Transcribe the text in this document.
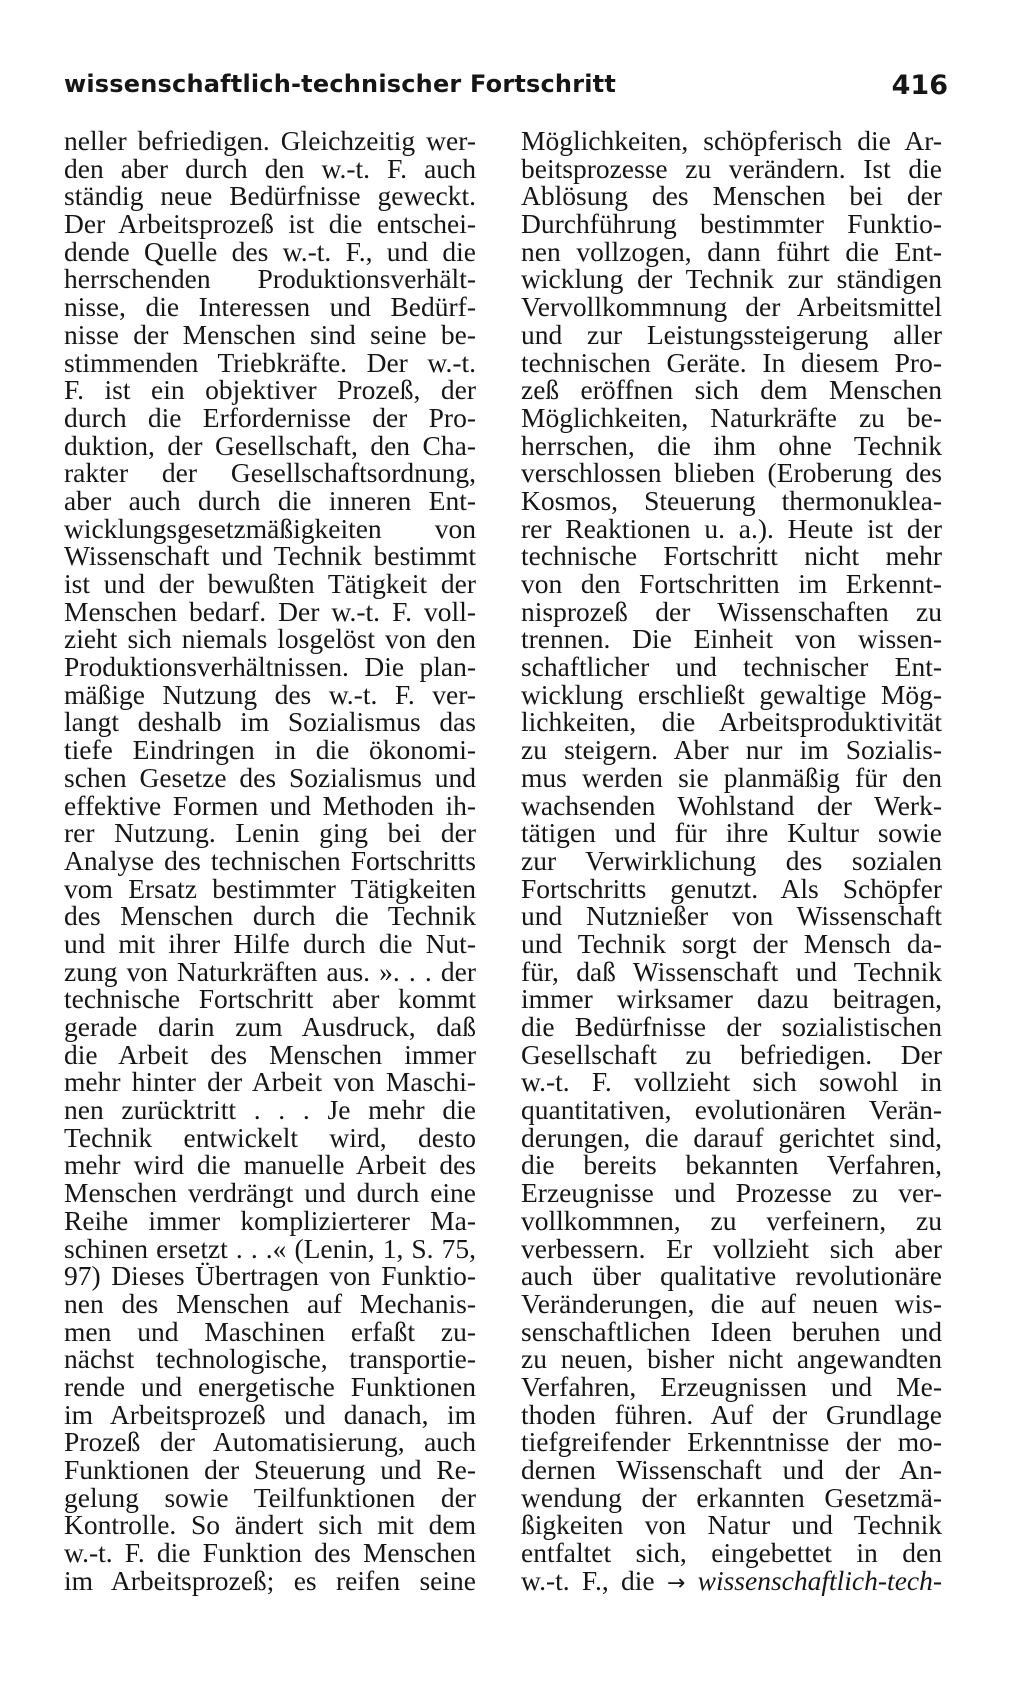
wissenschaftlich-technischer Fortschritt	416
neller befriedigen. Gleichzeitig wer-
den aber durch den w.-t. F. auch
ständig neue Bedürfnisse geweckt.
Der Arbeitsprozeß ist die entschei-
dende Quelle des w.-t. F., und die
herrschenden Produktionsverhält-
nisse, die Interessen und Bedürf-
nisse der Menschen sind seine be-
stimmenden Triebkräfte. Der w.-t.
F. ist ein objektiver Prozeß, der
durch die Erfordernisse der Pro-
duktion, der Gesellschaft, den Cha-
rakter der Gesellschaftsordnung,
aber auch durch die inneren Ent-
wicklungsgesetzmäßigkeiten von
Wissenschaft und Technik bestimmt
ist und der bewußten Tätigkeit der
Menschen bedarf. Der w.-t. F. voll-
zieht sich niemals losgelöst von den
Produktionsverhältnissen. Die plan-
mäßige Nutzung des w.-t. F. ver-
langt deshalb im Sozialismus das
tiefe Eindringen in die ökonomi-
schen Gesetze des Sozialismus und
effektive Formen und Methoden ih-
rer Nutzung. Lenin ging bei der
Analyse des technischen Fortschritts
vom Ersatz bestimmter Tätigkeiten
des Menschen durch die Technik
und mit ihrer Hilfe durch die Nut-
zung von Naturkräften aus. ». . . der
technische Fortschritt aber kommt
gerade darin zum Ausdruck, daß
die Arbeit des Menschen immer
mehr hinter der Arbeit von Maschi-
nen zurücktritt . . . Je mehr die
Technik entwickelt wird, desto
mehr wird die manuelle Arbeit des
Menschen verdrängt und durch eine
Reihe immer komplizierterer Ma-
schinen ersetzt . . .« (Lenin, 1, S. 75,
97) Dieses Übertragen von Funktio-
nen des Menschen auf Mechanis-
men und Maschinen erfaßt zu-
nächst technologische, transportie-
rende und energetische Funktionen
im Arbeitsprozeß und danach, im
Prozeß der Automatisierung, auch
Funktionen der Steuerung und Re-
gelung sowie Teilfunktionen der
Kontrolle. So ändert sich mit dem
w.-t. F. die Funktion des Menschen
im Arbeitsprozeß; es reifen seine
Möglichkeiten, schöpferisch die Ar-
beitsprozesse zu verändern. Ist die
Ablösung des Menschen bei der
Durchführung bestimmter Funktio-
nen vollzogen, dann führt die Ent-
wicklung der Technik zur ständigen
Vervollkommnung der Arbeitsmittel
und zur Leistungssteigerung aller
technischen Geräte. In diesem Pro-
zeß eröffnen sich dem Menschen
Möglichkeiten, Naturkräfte zu be-
herrschen, die ihm ohne Technik
verschlossen blieben (Eroberung des
Kosmos, Steuerung thermonuklea-
rer Reaktionen u. a.). Heute ist der
technische Fortschritt nicht mehr
von den Fortschritten im Erkennt-
nisprozeß der Wissenschaften zu
trennen. Die Einheit von wissen-
schaftlicher und technischer Ent-
wicklung erschließt gewaltige Mög-
lichkeiten, die Arbeitsproduktivität
zu steigern. Aber nur im Sozialis-
mus werden sie planmäßig für den
wachsenden Wohlstand der Werk-
tätigen und für ihre Kultur sowie
zur Verwirklichung des sozialen
Fortschritts genutzt. Als Schöpfer
und Nutznießer von Wissenschaft
und Technik sorgt der Mensch da-
für, daß Wissenschaft und Technik
immer wirksamer dazu beitragen,
die Bedürfnisse der sozialistischen
Gesellschaft zu befriedigen. Der
w.-t. F. vollzieht sich sowohl in
quantitativen, evolutionären Verän-
derungen, die darauf gerichtet sind,
die bereits bekannten Verfahren,
Erzeugnisse und Prozesse zu ver-
vollkommnen, zu verfeinern, zu
verbessern. Er vollzieht sich aber
auch über qualitative revolutionäre
Veränderungen, die auf neuen wis-
senschaftlichen Ideen beruhen und
zu neuen, bisher nicht angewandten
Verfahren, Erzeugnissen und Me-
thoden führen. Auf der Grundlage
tiefgreifender Erkenntnisse der mo-
dernen Wissenschaft und der An-
wendung der erkannten Gesetzmä-
ßigkeiten von Natur und Technik
entfaltet sich, eingebettet in den
w.-t. F., die → wissenschaftlich-tech-
